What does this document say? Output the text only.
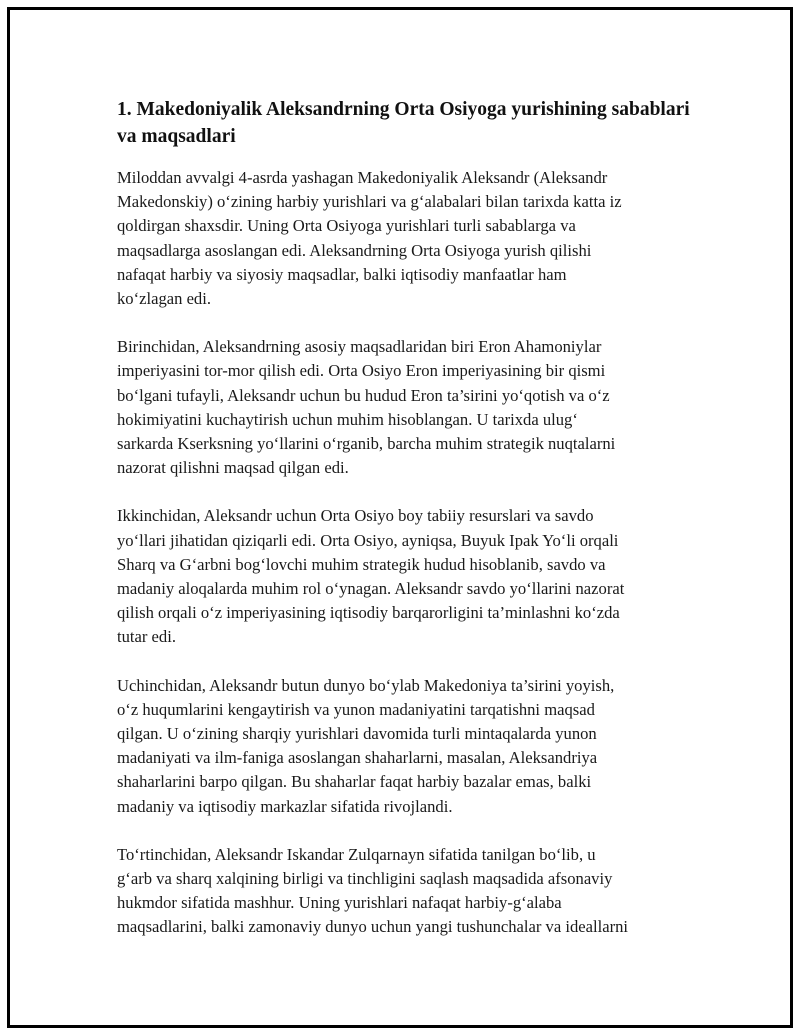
1. Makedoniyalik Aleksandrning Orta Osiyoga yurishining sabablari va maqsadlari

Miloddan avvalgi 4-asrda yashagan Makedoniyalik Aleksandr (Aleksandr
Makedonskiy) o‘zining harbiy yurishlari va g‘alabalari bilan tarixda katta iz
qoldirgan shaxsdir. Uning Orta Osiyoga yurishlari turli sabablarga va
maqsadlarga asoslangan edi. Aleksandrning Orta Osiyoga yurish qilishi
nafaqat harbiy va siyosiy maqsadlar, balki iqtisodiy manfaatlar ham
ko‘zlagan edi.

Birinchidan, Aleksandrning asosiy maqsadlaridan biri Eron Ahamoniylar
imperiyasini tor-mor qilish edi. Orta Osiyo Eron imperiyasining bir qismi
bo‘lgani tufayli, Aleksandr uchun bu hudud Eron ta’sirini yo‘qotish va o‘z
hokimiyatini kuchaytirish uchun muhim hisoblangan. U tarixda ulug‘
sarkarda Kserksning yo‘llarini o‘rganib, barcha muhim strategik nuqtalarni
nazorat qilishni maqsad qilgan edi.

Ikkinchidan, Aleksandr uchun Orta Osiyo boy tabiiy resurslari va savdo
yo‘llari jihatidan qiziqarli edi. Orta Osiyo, ayniqsa, Buyuk Ipak Yo‘li orqali
Sharq va G‘arbni bog‘lovchi muhim strategik hudud hisoblanib, savdo va
madaniy aloqalarda muhim rol o‘ynagan. Aleksandr savdo yo‘llarini nazorat
qilish orqali o‘z imperiyasining iqtisodiy barqarorligini ta’minlashni ko‘zda
tutar edi.

Uchinchidan, Aleksandr butun dunyo bo‘ylab Makedoniya ta’sirini yoyish,
o‘z huqumlarini kengaytirish va yunon madaniyatini tarqatishni maqsad
qilgan. U o‘zining sharqiy yurishlari davomida turli mintaqalarda yunon
madaniyati va ilm-faniga asoslangan shaharlarni, masalan, Aleksandriya
shaharlarini barpo qilgan. Bu shaharlar faqat harbiy bazalar emas, balki
madaniy va iqtisodiy markazlar sifatida rivojlandi.

To‘rtinchidan, Aleksandr Iskandar Zulqarnayn sifatida tanilgan bo‘lib, u
g‘arb va sharq xalqining birligi va tinchligini saqlash maqsadida afsonaviy
hukmdor sifatida mashhur. Uning yurishlari nafaqat harbiy-g‘alaba
maqsadlarini, balki zamonaviy dunyo uchun yangi tushunchalar va ideallarni
